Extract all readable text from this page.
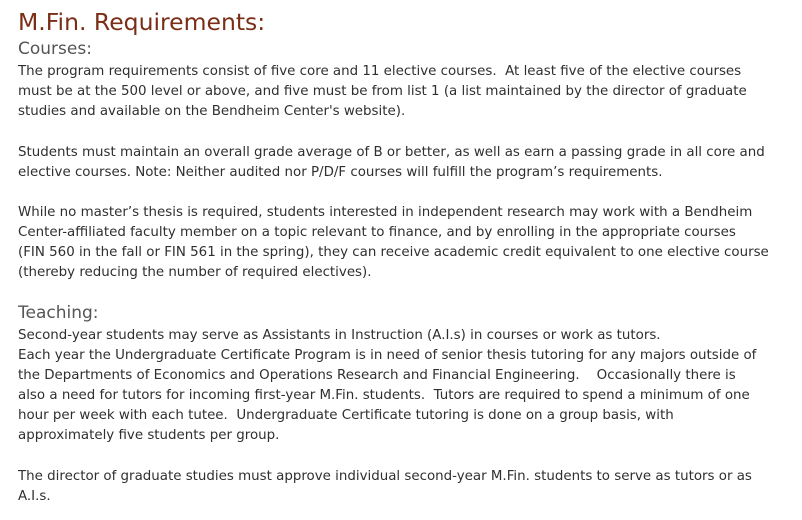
M.Fin. Requirements:
Courses:
The program requirements consist of five core and 11 elective courses.  At least five of the elective courses
must be at the 500 level or above, and five must be from list 1 (a list maintained by the director of graduate
studies and available on the Bendheim Center's website).
Students must maintain an overall grade average of B or better, as well as earn a passing grade in all core and
elective courses. Note: Neither audited nor P/D/F courses will fulfill the program’s requirements.
While no master’s thesis is required, students interested in independent research may work with a Bendheim
Center-affiliated faculty member on a topic relevant to finance, and by enrolling in the appropriate courses
(FIN 560 in the fall or FIN 561 in the spring), they can receive academic credit equivalent to one elective course
(thereby reducing the number of required electives).
Teaching:
Second-year students may serve as Assistants in Instruction (A.I.s) in courses or work as tutors.
Each year the Undergraduate Certificate Program is in need of senior thesis tutoring for any majors outside of
the Departments of Economics and Operations Research and Financial Engineering.    Occasionally there is
also a need for tutors for incoming first-year M.Fin. students.  Tutors are required to spend a minimum of one
hour per week with each tutee.  Undergraduate Certificate tutoring is done on a group basis, with
approximately five students per group.
The director of graduate studies must approve individual second-year M.Fin. students to serve as tutors or as
A.I.s.
